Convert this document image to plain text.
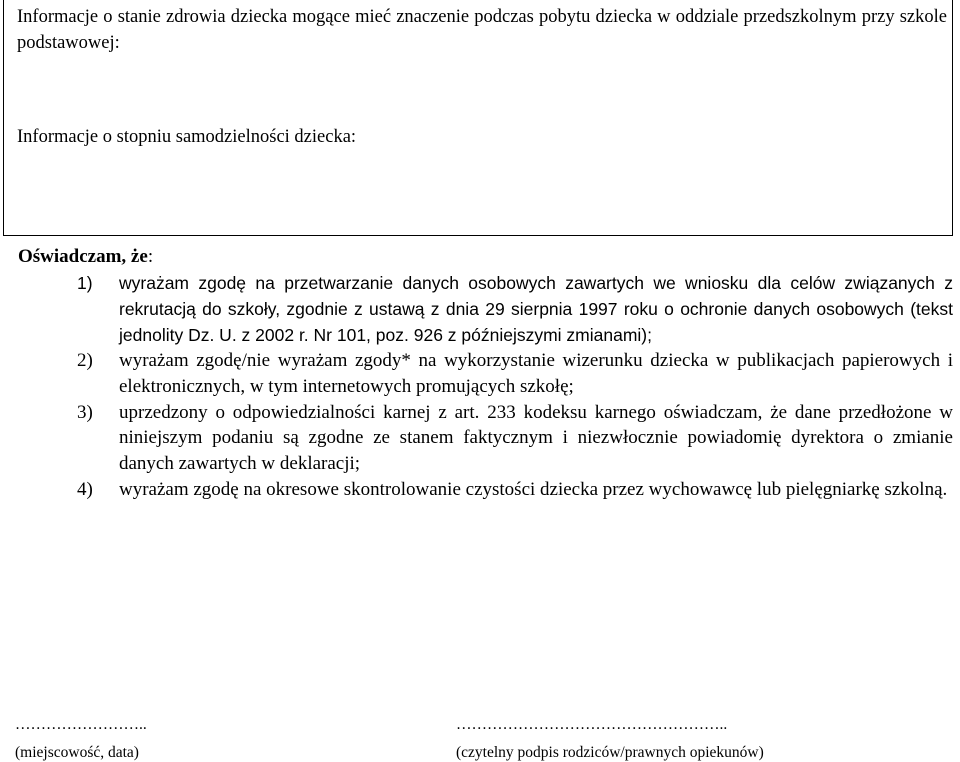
Informacje o stanie zdrowia dziecka mogące mieć znaczenie podczas pobytu dziecka w oddziale przedszkolnym przy szkole podstawowej:
Informacje o stopniu samodzielności dziecka:
Oświadczam, że:
1) wyrażam zgodę na przetwarzanie danych osobowych zawartych we wniosku dla celów związanych z rekrutacją do szkoły, zgodnie z ustawą z dnia 29 sierpnia 1997 roku o ochronie danych osobowych (tekst jednolity Dz. U. z 2002 r. Nr 101, poz. 926 z późniejszymi zmianami);
2) wyrażam zgodę/nie wyrażam zgody* na wykorzystanie wizerunku dziecka w publikacjach papierowych i elektronicznych, w tym internetowych promujących szkołę;
3) uprzedzony o odpowiedzialności karnej z art. 233 kodeksu karnego oświadczam, że dane przedłożone w niniejszym podaniu są zgodne ze stanem faktycznym i niezwłocznie powiadomię dyrektora o zmianie danych zawartych w deklaracji;
4) wyrażam zgodę na okresowe skontrolowanie czystości dziecka przez wychowawcę lub pielęgniarkę szkolną.
……………………..
(miejscowość, data)
……………………………………………..
(czytelny podpis rodziców/prawnych opiekunów)
